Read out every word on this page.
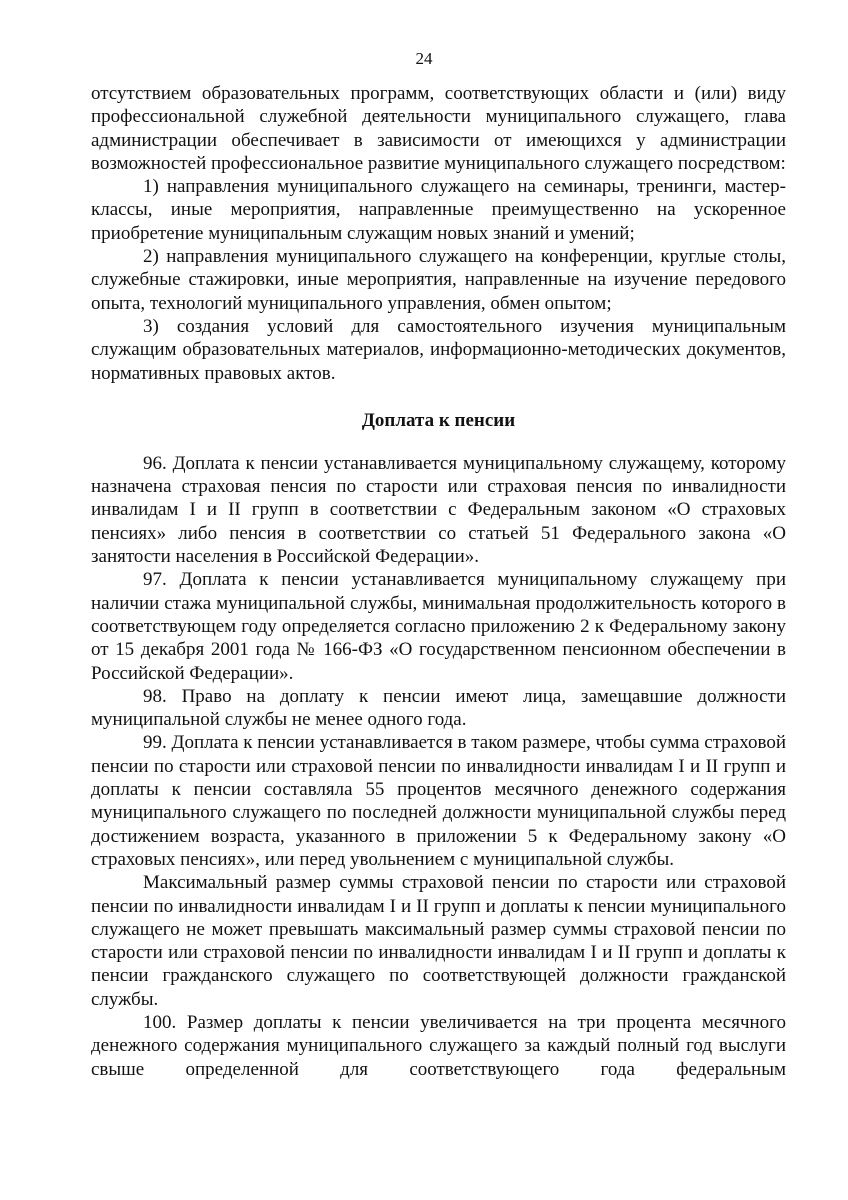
24

отсутствием образовательных программ, соответствующих области и (или) виду профессиональной служебной деятельности муниципального служащего, глава администрации обеспечивает в зависимости от имеющихся у администрации возможностей профессиональное развитие муниципального служащего посредством:

1) направления муниципального служащего на семинары, тренинги, мастер-классы, иные мероприятия, направленные преимущественно на ускоренное приобретение муниципальным служащим новых знаний и умений;

2) направления муниципального служащего на конференции, круглые столы, служебные стажировки, иные мероприятия, направленные на изучение передового опыта, технологий муниципального управления, обмен опытом;

3) создания условий для самостоятельного изучения муниципальным служащим образовательных материалов, информационно-методических документов, нормативных правовых актов.

Доплата к пенсии

96. Доплата к пенсии устанавливается муниципальному служащему, которому назначена страховая пенсия по старости или страховая пенсия по инвалидности инвалидам I и II групп в соответствии с Федеральным законом «О страховых пенсиях» либо пенсия в соответствии со статьей 51 Федерального закона «О занятости населения в Российской Федерации».

97. Доплата к пенсии устанавливается муниципальному служащему при наличии стажа муниципальной службы, минимальная продолжительность которого в соответствующем году определяется согласно приложению 2 к Федеральному закону от 15 декабря 2001 года № 166-ФЗ «О государственном пенсионном обеспечении в Российской Федерации».

98. Право на доплату к пенсии имеют лица, замещавшие должности муниципальной службы не менее одного года.

99. Доплата к пенсии устанавливается в таком размере, чтобы сумма страховой пенсии по старости или страховой пенсии по инвалидности инвалидам I и II групп и доплаты к пенсии составляла 55 процентов месячного денежного содержания муниципального служащего по последней должности муниципальной службы перед достижением возраста, указанного в приложении 5 к Федеральному закону «О страховых пенсиях», или перед увольнением с муниципальной службы.

Максимальный размер суммы страховой пенсии по старости или страховой пенсии по инвалидности инвалидам I и II групп и доплаты к пенсии муниципального служащего не может превышать максимальный размер суммы страховой пенсии по старости или страховой пенсии по инвалидности инвалидам I и II групп и доплаты к пенсии гражданского служащего по соответствующей должности гражданской службы.

100. Размер доплаты к пенсии увеличивается на три процента месячного денежного содержания муниципального служащего за каждый полный год выслуги свыше определенной для соответствующего года федеральным
